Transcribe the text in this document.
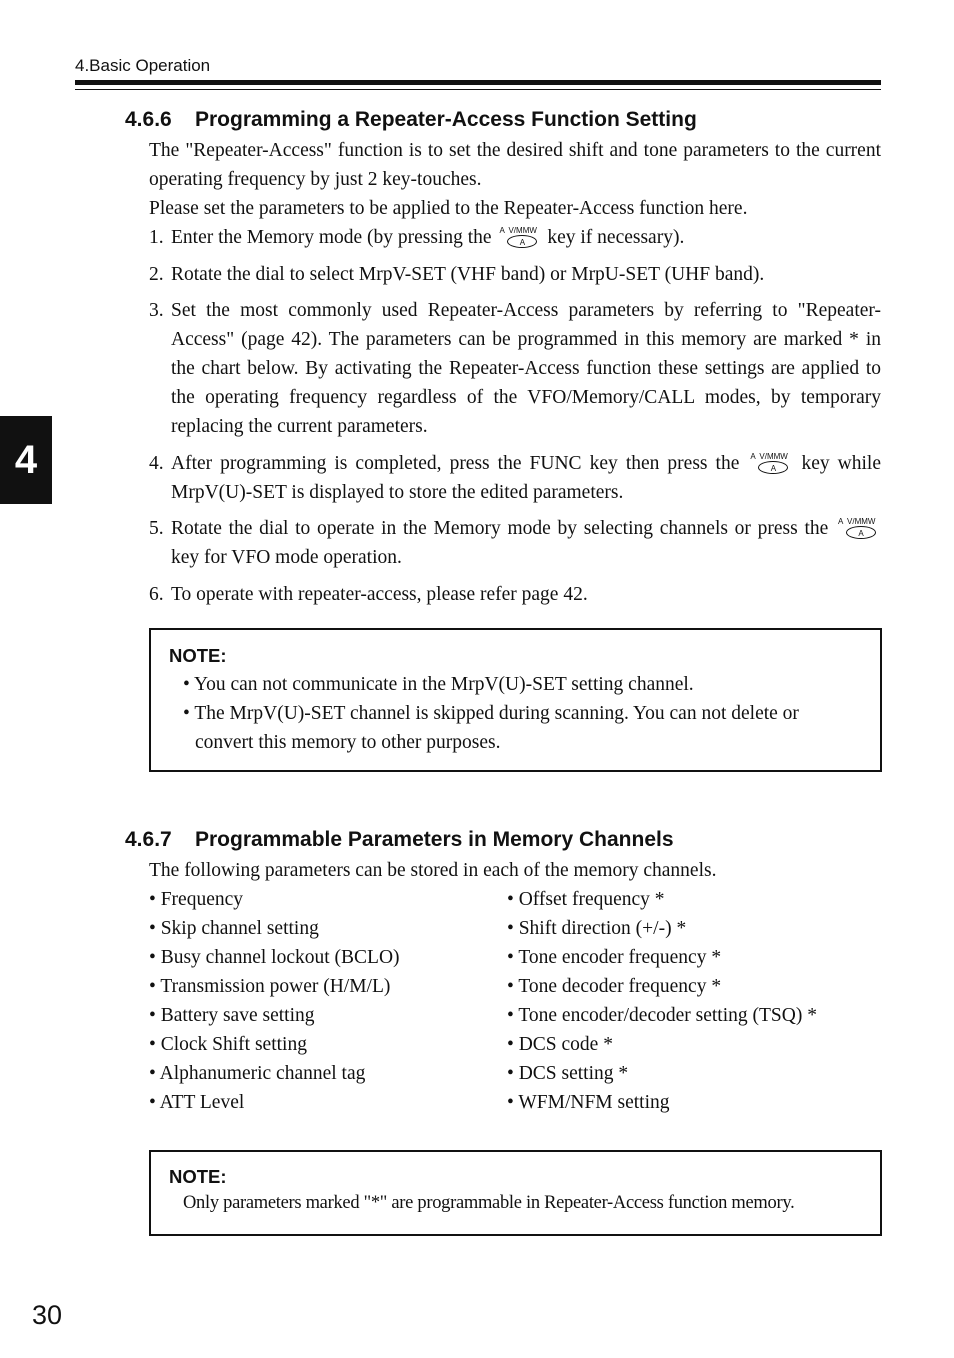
4.Basic Operation
4
4.6.6 Programming a Repeater-Access Function Setting
The "Repeater-Access" function is to set the desired shift and tone parameters to the current operating frequency by just 2 key-touches.
Please set the parameters to be applied to the Repeater-Access function here.
1. Enter the Memory mode (by pressing the A V/MMW
A	key if necessary).
2. Rotate the dial to select MrpV-SET (VHF band) or MrpU-SET (UHF band).
3. Set the most commonly used Repeater-Access parameters by referring to "Repeater-Access" (page 42). The parameters can be programmed in this memory are marked * in the chart below. By activating the Repeater-Access function these settings are applied to the operating frequency regardless of the VFO/Memory/CALL modes, by temporary replacing the current parameters.
4. After programming is completed, press the FUNC key then press the A V/MMW
A	key while MrpV(U)-SET is displayed to store the edited parameters.
5. Rotate the dial to operate in the Memory mode by selecting channels or press the A V/MMW
A
key for VFO mode operation.
6. To operate with repeater-access, please refer page 42.
NOTE:
• You can not communicate in the MrpV(U)-SET setting channel.
• The MrpV(U)-SET channel is skipped during scanning. You can not delete or
convert this memory to other purposes.
4.6.7 Programmable Parameters in Memory Channels
The following parameters can be stored in each of the memory channels.
• Frequency
• Skip channel setting
• Busy channel lockout (BCLO)
• Transmission power (H/M/L)
• Battery save setting
• Clock Shift setting
• Alphanumeric channel tag
• ATT Level
• Offset frequency *
• Shift direction (+/-) *
• Tone encoder frequency *
• Tone decoder frequency *
• Tone encoder/decoder setting (TSQ) *
• DCS code *
• DCS setting *
• WFM/NFM setting
NOTE:
Only parameters marked "*" are programmable in Repeater-Access function memory.
30
